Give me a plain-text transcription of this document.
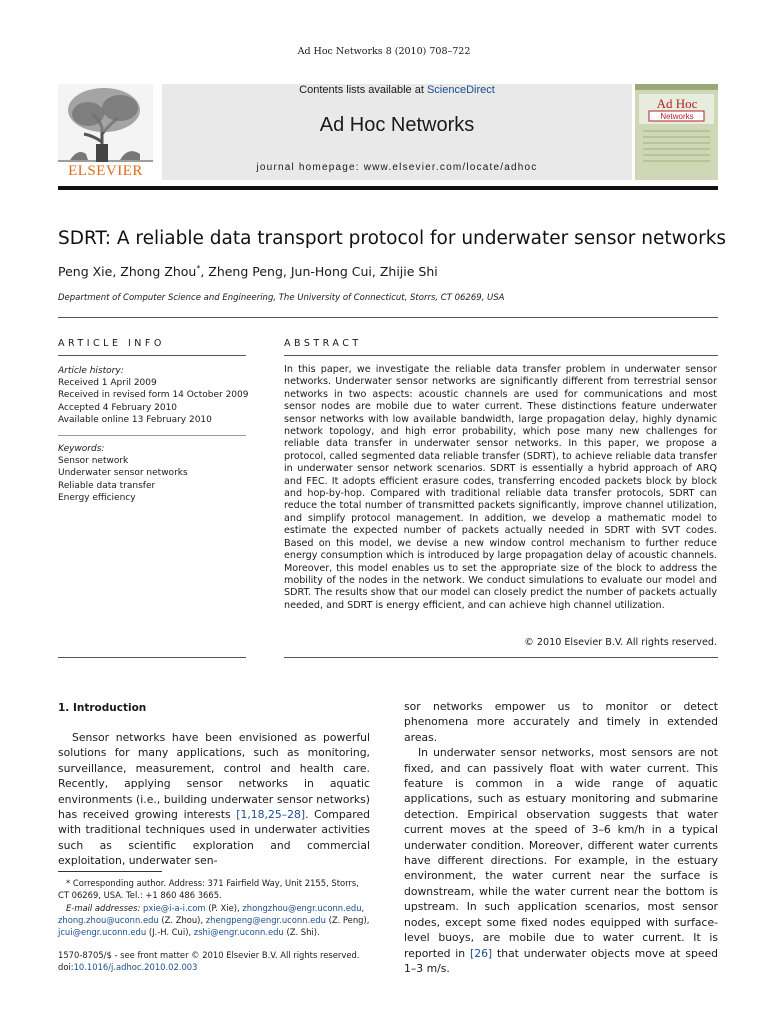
Ad Hoc Networks 8 (2010) 708–722
ELSEVIER
Contents lists available at ScienceDirect
Ad Hoc Networks
journal homepage: www.elsevier.com/locate/adhoc
Ad Hoc
Networks
SDRT: A reliable data transport protocol for underwater sensor networks
Peng Xie, Zhong Zhou*, Zheng Peng, Jun-Hong Cui, Zhijie Shi
Department of Computer Science and Engineering, The University of Connecticut, Storrs, CT 06269, USA
ARTICLE INFO
Article history:
Received 1 April 2009
Received in revised form 14 October 2009
Accepted 4 February 2010
Available online 13 February 2010
Keywords:
Sensor network
Underwater sensor networks
Reliable data transfer
Energy efficiency
ABSTRACT
In this paper, we investigate the reliable data transfer problem in underwater sensor networks. Underwater sensor networks are significantly different from terrestrial sensor networks in two aspects: acoustic channels are used for communications and most sensor nodes are mobile due to water current. These distinctions feature underwater sensor networks with low available bandwidth, large propagation delay, highly dynamic network topology, and high error probability, which pose many new challenges for reliable data transfer in underwater sensor networks. In this paper, we propose a protocol, called segmented data reliable transfer (SDRT), to achieve reliable data transfer in underwater sensor network scenarios. SDRT is essentially a hybrid approach of ARQ and FEC. It adopts efficient erasure codes, transferring encoded packets block by block and hop-by-hop. Compared with traditional reliable data transfer protocols, SDRT can reduce the total number of transmitted packets significantly, improve channel utilization, and simplify protocol management. In addition, we develop a mathematic model to estimate the expected number of packets actually needed in SDRT with SVT codes. Based on this model, we devise a new window control mechanism to further reduce energy consumption which is introduced by large propagation delay of acoustic channels. Moreover, this model enables us to set the appropriate size of the block to address the mobility of the nodes in the network. We conduct simulations to evaluate our model and SDRT. The results show that our model can closely predict the number of packets actually needed, and SDRT is energy efficient, and can achieve high channel utilization.
© 2010 Elsevier B.V. All rights reserved.
1. Introduction

Sensor networks have been envisioned as powerful solutions for many applications, such as monitoring, surveillance, measurement, control and health care. Recently, applying sensor networks in aquatic environments (i.e., building underwater sensor networks) has received growing interests [1,18,25–28]. Compared with traditional techniques used in underwater activities such as scientific exploration and commercial exploitation, underwater sen-

sor networks empower us to monitor or detect phenomena more accurately and timely in extended areas.

In underwater sensor networks, most sensors are not fixed, and can passively float with water current. This feature is common in a wide range of aquatic applications, such as estuary monitoring and submarine detection. Empirical observation suggests that water current moves at the speed of 3–6 km/h in a typical underwater condition. Moreover, different water currents have different directions. For example, in the estuary environment, the water current near the surface is downstream, while the water current near the bottom is upstream. In such application scenarios, most sensor nodes, except some fixed nodes equipped with surface-level buoys, are mobile due to water current. It is reported in [26] that underwater objects move at speed 1–3 m/s.

* Corresponding author. Address: 371 Fairfield Way, Unit 2155, Storrs, CT 06269, USA. Tel.: +1 860 486 3665.
E-mail addresses: pxie@i-a-i.com (P. Xie), zhongzhou@engr.uconn.edu,
zhong.zhou@uconn.edu (Z. Zhou), zhengpeng@engr.uconn.edu (Z. Peng),
jcui@engr.uconn.edu (J.-H. Cui), zshi@engr.uconn.edu (Z. Shi).
1570-8705/$ - see front matter © 2010 Elsevier B.V. All rights reserved.
doi:10.1016/j.adhoc.2010.02.003
